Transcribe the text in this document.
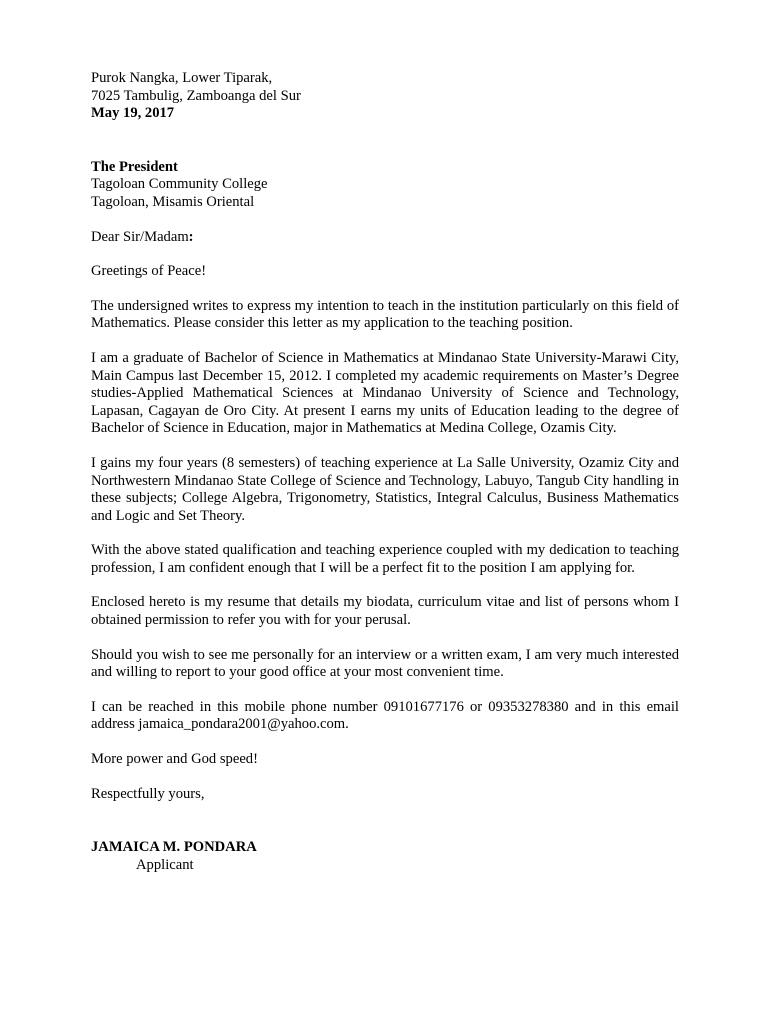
Purok Nangka, Lower Tiparak,
7025 Tambulig, Zamboanga del Sur
May 19, 2017
The President
Tagoloan Community College
Tagoloan, Misamis Oriental
Dear Sir/Madam:
Greetings of Peace!

The undersigned writes to express my intention to teach in the institution particularly on this field of Mathematics. Please consider this letter as my application to the teaching position.

I am a graduate of Bachelor of Science in Mathematics at Mindanao State University-Marawi City, Main Campus last December 15, 2012. I completed my academic requirements on Master’s Degree studies-Applied Mathematical Sciences at Mindanao University of Science and Technology, Lapasan, Cagayan de Oro City. At present I earns my units of Education leading to the degree of Bachelor of Science in Education, major in Mathematics at Medina College, Ozamis City.

I gains my four years (8 semesters) of teaching experience at La Salle University, Ozamiz City and Northwestern Mindanao State College of Science and Technology, Labuyo, Tangub City handling in these subjects; College Algebra, Trigonometry, Statistics, Integral Calculus, Business Mathematics and Logic and Set Theory.

With the above stated qualification and teaching experience coupled with my dedication to teaching profession, I am confident enough that I will be a perfect fit to the position I am applying for.

Enclosed hereto is my resume that details my biodata, curriculum vitae and list of persons whom I obtained permission to refer you with for your perusal.

Should you wish to see me personally for an interview or a written exam, I am very much interested and willing to report to your good office at your most convenient time.

I can be reached in this mobile phone number 09101677176 or 09353278380 and in this email address jamaica_pondara2001@yahoo.com.

More power and God speed!
Respectfully yours,
JAMAICA M. PONDARA
Applicant
